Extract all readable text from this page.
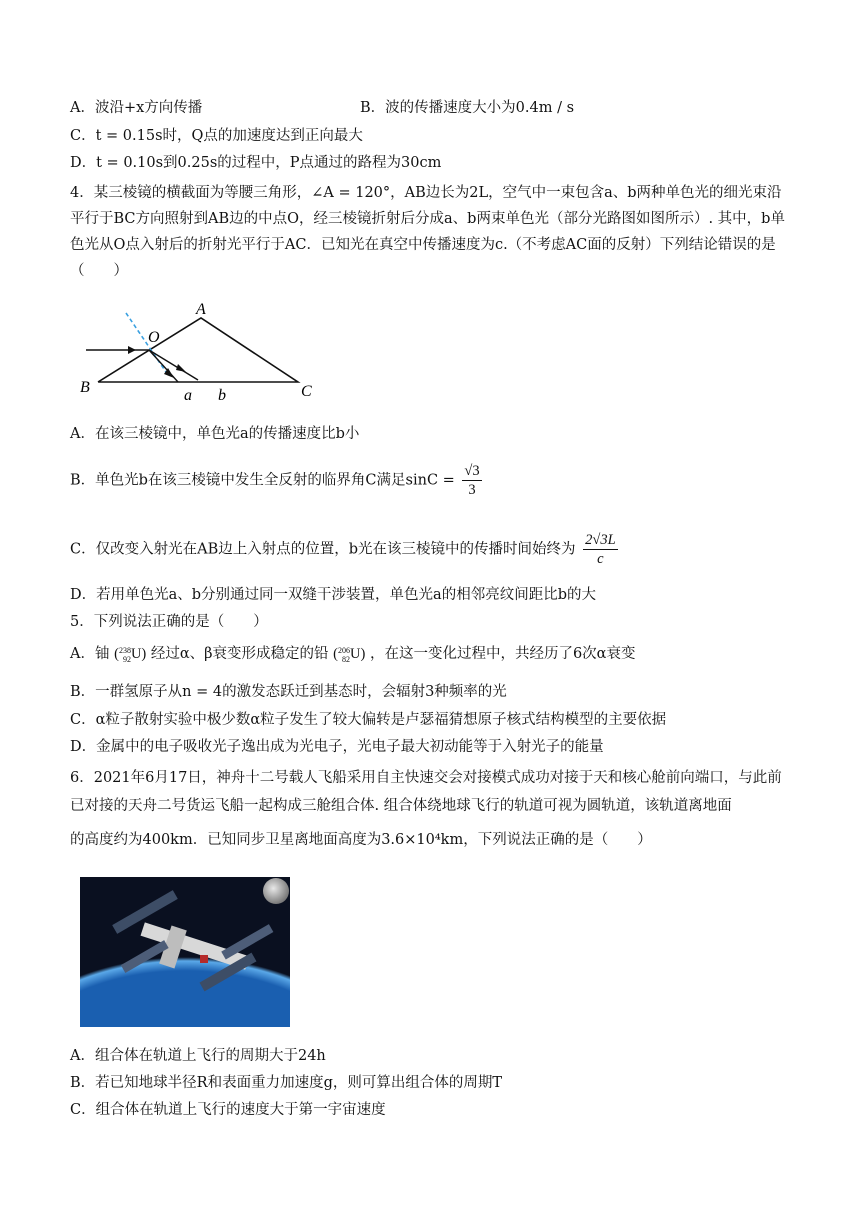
A．波沿+x方向传播	B．波的传播速度大小为0.4m / s
C．t = 0.15s时，Q点的加速度达到正向最大
D．t = 0.10s到0.25s的过程中，P点通过的路程为30cm
4．某三棱镜的横截面为等腰三角形，∠A = 120°，AB边长为2L，空气中一束包含a、b两种单色光的细光束沿平行于BC方向照射到AB边的中点O，经三棱镜折射后分成a、b两束单色光（部分光路图如图所示）. 其中，b单色光从O点入射后的折射光平行于AC．已知光在真空中传播速度为c.（不考虑AC面的反射）下列结论错误的是（　　）
A
O
B	C
a b
A．在该三棱镜中，单色光a的传播速度比b小
B．单色光b在该三棱镜中发生全反射的临界角C满足$\sin C = \frac{√3}{3}$
C．仅改变入射光在AB边上入射点的位置，b光在该三棱镜中的传播时间始终为 $\frac{2√3L}{c}$
D．若用单色光a、b分别通过同一双缝干涉装置，单色光a的相邻亮纹间距比b的大
5．下列说法正确的是（　　）
A．铀 (238
92U) 经过α、β衰变形成稳定的铅 (206
82U) ，在这一变化过程中，共经历了6次α衰变
B．一群氢原子从n = 4的激发态跃迁到基态时，会辐射3种频率的光
C．α粒子散射实验中极少数α粒子发生了较大偏转是卢瑟福猜想原子核式结构模型的主要依据
D．金属中的电子吸收光子逸出成为光电子，光电子最大初动能等于入射光子的能量
6．2021年6月17日，神舟十二号载人飞船采用自主快速交会对接模式成功对接于天和核心舱前向端口，与此前已对接的天舟二号货运飞船一起构成三舱组合体. 组合体绕地球飞行的轨道可视为圆轨道，该轨道离地面
的高度约为400km．已知同步卫星离地面高度为3.6×10⁴km，下列说法正确的是（　　）
A．组合体在轨道上飞行的周期大于24h
B．若已知地球半径R和表面重力加速度g，则可算出组合体的周期T
C．组合体在轨道上飞行的速度大于第一宇宙速度
